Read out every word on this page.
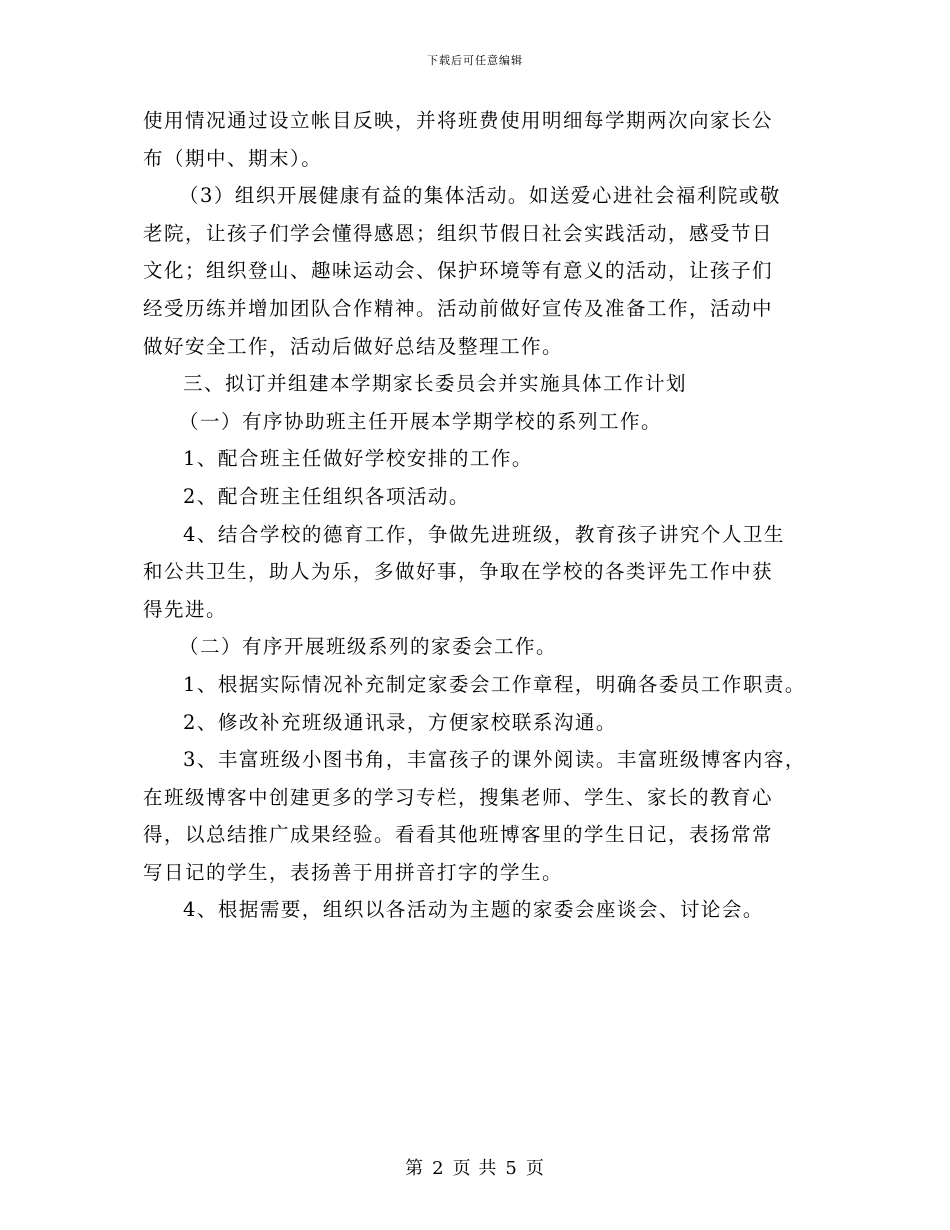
下载后可任意编辑
使用情况通过设立帐目反映，并将班费使用明细每学期两次向家长公
布（期中、期末）。
（3）组织开展健康有益的集体活动。如送爱心进社会福利院或敬
老院，让孩子们学会懂得感恩；组织节假日社会实践活动，感受节日
文化；组织登山、趣味运动会、保护环境等有意义的活动，让孩子们
经受历练并增加团队合作精神。活动前做好宣传及准备工作，活动中
做好安全工作，活动后做好总结及整理工作。
三、拟订并组建本学期家长委员会并实施具体工作计划
（一）有序协助班主任开展本学期学校的系列工作。
1、配合班主任做好学校安排的工作。
2、配合班主任组织各项活动。
4、结合学校的德育工作，争做先进班级，教育孩子讲究个人卫生
和公共卫生，助人为乐，多做好事，争取在学校的各类评先工作中获
得先进。
（二）有序开展班级系列的家委会工作。
1、根据实际情况补充制定家委会工作章程，明确各委员工作职责。
2、修改补充班级通讯录，方便家校联系沟通。
3、丰富班级小图书角，丰富孩子的课外阅读。丰富班级博客内容，
在班级博客中创建更多的学习专栏，搜集老师、学生、家长的教育心
得，以总结推广成果经验。看看其他班博客里的学生日记，表扬常常
写日记的学生，表扬善于用拼音打字的学生。
4、根据需要，组织以各活动为主题的家委会座谈会、讨论会。
第 2 页 共 5 页
